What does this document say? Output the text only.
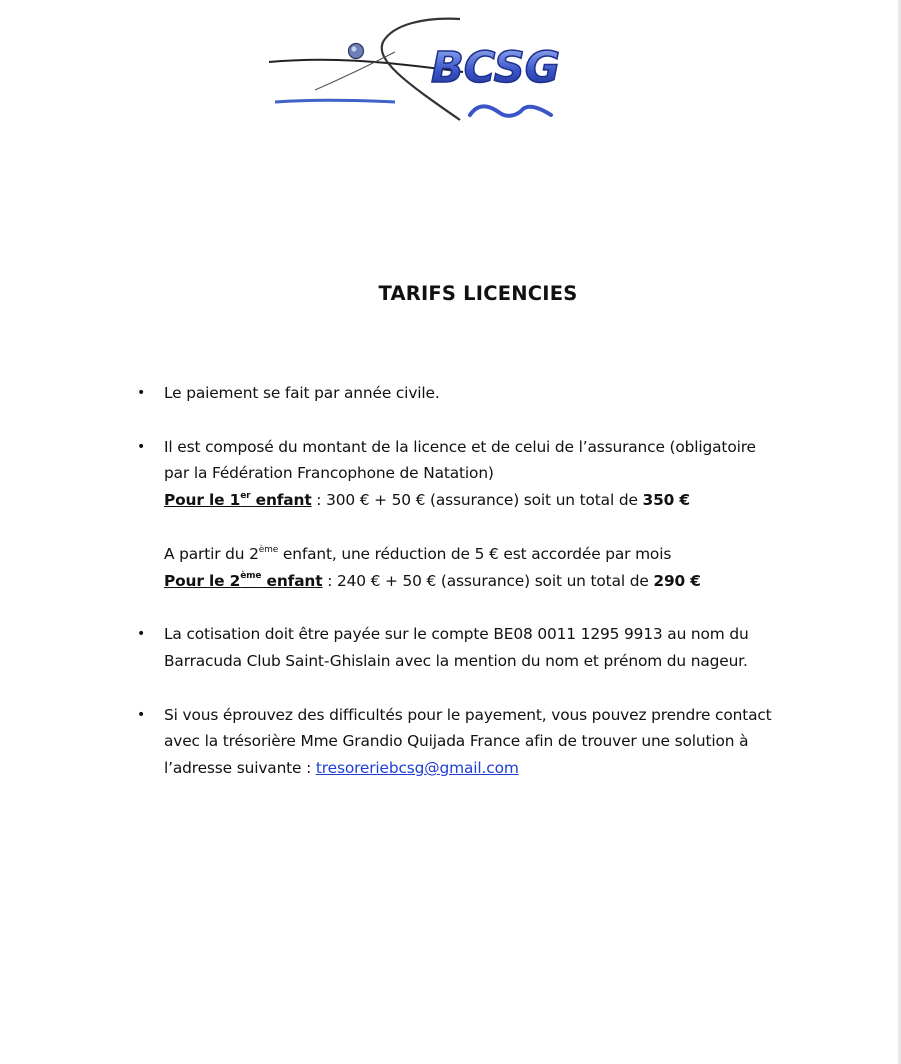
BCSG
TARIFS LICENCIES
• Le paiement se fait par année civile.
• Il est composé du montant de la licence et de celui de l’assurance (obligatoire
par la Fédération Francophone de Natation)
Pour le 1er enfant : 300 € + 50 € (assurance) soit un total de 350 €
A partir du 2ème enfant, une réduction de 5 € est accordée par mois
Pour le 2ème enfant : 240 € + 50 € (assurance) soit un total de 290 €
• La cotisation doit être payée sur le compte BE08 0011 1295 9913 au nom du
Barracuda Club Saint-Ghislain avec la mention du nom et prénom du nageur.
• Si vous éprouvez des difficultés pour le payement, vous pouvez prendre contact
avec la trésorière Mme Grandio Quijada France afin de trouver une solution à
l’adresse suivante : tresoreriebcsg@gmail.com
